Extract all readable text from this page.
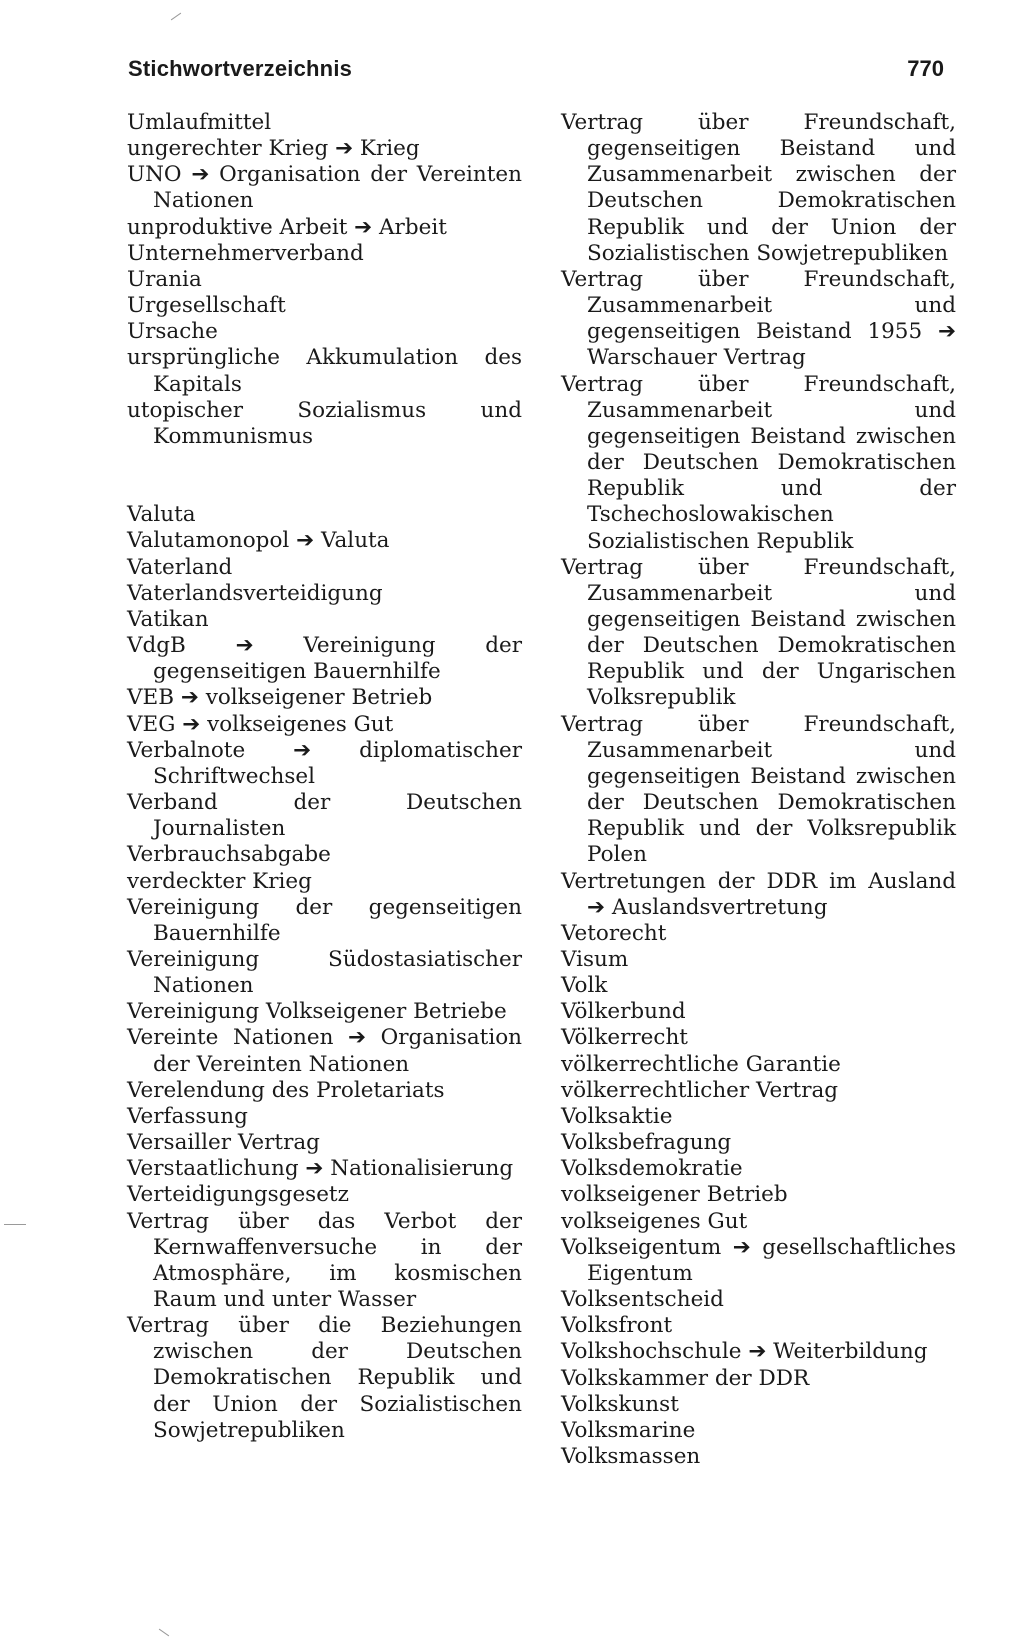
Stichwortverzeichnis	770

Umlaufmittel

ungerechter Krieg ➔ Krieg

UNO ➔ Organisation der Vereinten Nationen

unproduktive Arbeit ➔ Arbeit

Unternehmerverband

Urania

Urgesellschaft

Ursache

ursprüngliche Akkumulation des Kapitals

utopischer Sozialismus und Kommunismus

Valuta

Valutamonopol ➔ Valuta

Vaterland

Vaterlandsverteidigung

Vatikan

VdgB ➔ Vereinigung der gegenseitigen Bauernhilfe

VEB ➔ volkseigener Betrieb

VEG ➔ volkseigenes Gut

Verbalnote ➔ diplomatischer Schriftwechsel

Verband der Deutschen Journalisten

Verbrauchsabgabe

verdeckter Krieg

Vereinigung der gegenseitigen Bauernhilfe

Vereinigung Südostasiatischer Nationen

Vereinigung Volkseigener Betriebe

Vereinte Nationen ➔ Organisation der Vereinten Nationen

Verelendung des Proletariats

Verfassung

Versailler Vertrag

Verstaatlichung ➔ Nationalisierung

Verteidigungsgesetz

Vertrag über das Verbot der Kernwaffenversuche in der Atmosphäre, im kosmischen Raum und unter Wasser

Vertrag über die Beziehungen zwischen der Deutschen Demokratischen Republik und der Union der Sozialistischen Sowjetrepubliken

Vertrag über Freundschaft, gegenseitigen Beistand und Zusammenarbeit zwischen der Deutschen Demokratischen Republik und der Union der Sozialistischen Sowjetrepubliken

Vertrag über Freundschaft, Zusammenarbeit und gegenseitigen Beistand 1955 ➔ Warschauer Vertrag

Vertrag über Freundschaft, Zusammenarbeit und gegenseitigen Beistand zwischen der Deutschen Demokratischen Republik und der Tschechoslowakischen Sozialistischen Republik

Vertrag über Freundschaft, Zusammenarbeit und gegenseitigen Beistand zwischen der Deutschen Demokratischen Republik und der Ungarischen Volksrepublik

Vertrag über Freundschaft, Zusammenarbeit und gegenseitigen Beistand zwischen der Deutschen Demokratischen Republik und der Volksrepublik Polen

Vertretungen der DDR im Ausland ➔ Auslandsvertretung

Vetorecht

Visum

Volk

Völkerbund

Völkerrecht

völkerrechtliche Garantie

völkerrechtlicher Vertrag

Volksaktie

Volksbefragung

Volksdemokratie

volkseigener Betrieb

volkseigenes Gut

Volkseigentum ➔ gesellschaftliches Eigentum

Volksentscheid

Volksfront

Volkshochschule ➔ Weiterbildung

Volkskammer der DDR

Volkskunst

Volksmarine

Volksmassen
